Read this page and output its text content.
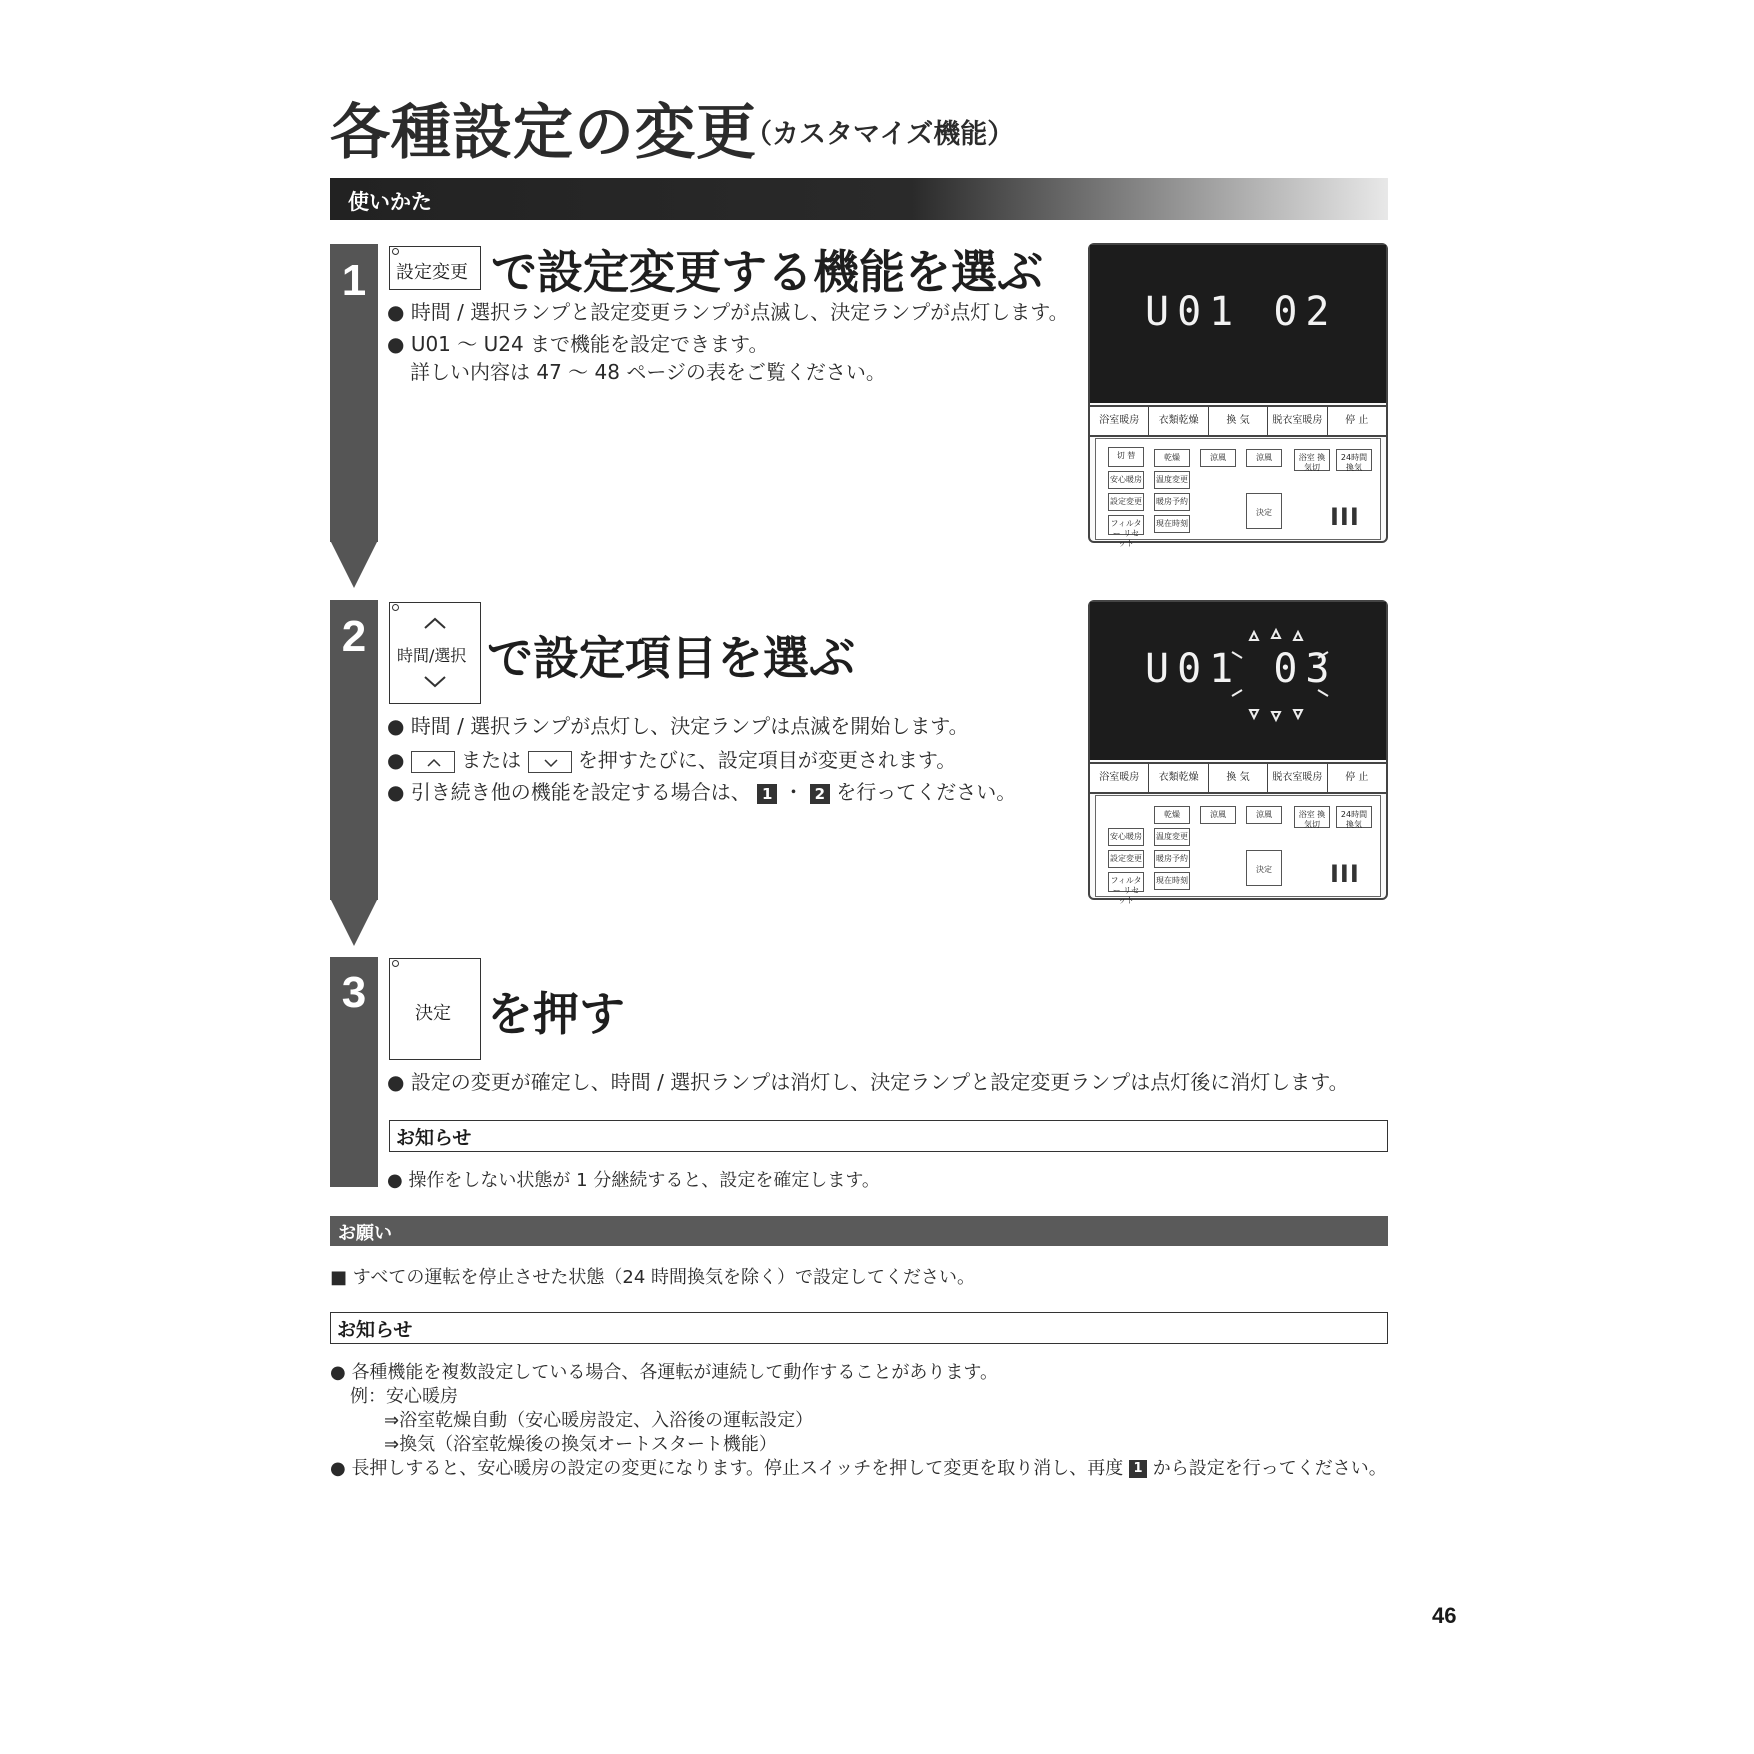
各種設定の変更
（カスタマイズ機能）
使いかた
1	設定変更 で設定変更する機能を選ぶ
● 時間 / 選択ランプと設定変更ランプが点滅し、決定ランプが点灯します。
● U01 ～ U24 まで機能を設定できます。
詳しい内容は 47 ～ 48 ページの表をご覧ください。
U01 02
浴室暖房	衣類乾燥	換 気	脱衣室暖房	停 止
切 替
安心暖房
設定変更
フィルター リセット
乾燥
温度変更
暖房予約
現在時刻
涼風	涼風
決定
浴室 換気切
24時間 換気
III
2	時間/選択 で設定項目を選ぶ
● 時間 / 選択ランプが点灯し、決定ランプは点滅を開始します。
●	または	を押すたびに、設定項目が変更されます。
● 引き続き他の機能を設定する場合は、 1 ・ 2 を行ってください。
U01 03
浴室暖房	衣類乾燥	換 気	脱衣室暖房	停 止
安心暖房
設定変更
フィルター リセット
乾燥
温度変更
暖房予約
現在時刻
涼風	涼風
決定
浴室 換気切
24時間 換気
III
3	決定 を押す
● 設定の変更が確定し、時間 / 選択ランプは消灯し、決定ランプと設定変更ランプは点灯後に消灯します。
お知らせ
● 操作をしない状態が 1 分継続すると、設定を確定します。
お願い
■ すべての運転を停止させた状態（24 時間換気を除く）で設定してください。
お知らせ
● 各種機能を複数設定している場合、各運転が連続して動作することがあります。
例：安心暖房
⇒浴室乾燥自動（安心暖房設定、入浴後の運転設定）
⇒換気（浴室乾燥後の換気オートスタート機能）
● 長押しすると、安心暖房の設定の変更になります。停止スイッチを押して変更を取り消し、再度 1 から設定を行ってください。
46
